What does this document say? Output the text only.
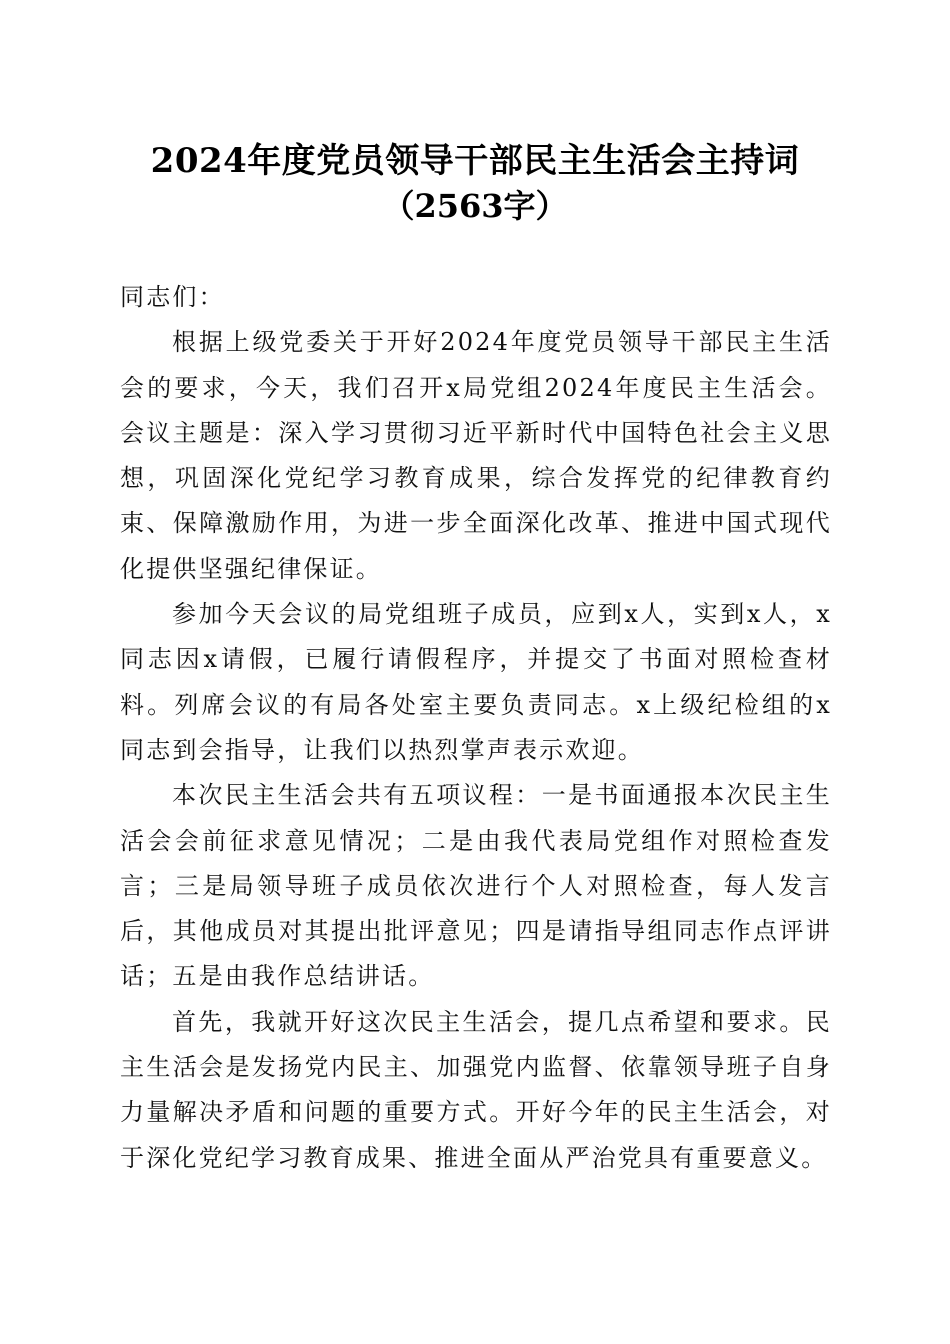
2024年度党员领导干部民主生活会主持词
（2563字）

同志们：

根据上级党委关于开好2024年度党员领导干部民主生活会的要求，今天，我们召开x局党组2024年度民主生活会。会议主题是：深入学习贯彻习近平新时代中国特色社会主义思想，巩固深化党纪学习教育成果，综合发挥党的纪律教育约束、保障激励作用，为进一步全面深化改革、推进中国式现代化提供坚强纪律保证。

参加今天会议的局党组班子成员，应到x人，实到x人，x同志因x请假，已履行请假程序，并提交了书面对照检查材料。列席会议的有局各处室主要负责同志。x上级纪检组的x同志到会指导，让我们以热烈掌声表示欢迎。

本次民主生活会共有五项议程：一是书面通报本次民主生活会会前征求意见情况；二是由我代表局党组作对照检查发言；三是局领导班子成员依次进行个人对照检查，每人发言后，其他成员对其提出批评意见；四是请指导组同志作点评讲话；五是由我作总结讲话。

首先，我就开好这次民主生活会，提几点希望和要求。民主生活会是发扬党内民主、加强党内监督、依靠领导班子自身力量解决矛盾和问题的重要方式。开好今年的民主生活会，对于深化党纪学习教育成果、推进全面从严治党具有重要意义。
